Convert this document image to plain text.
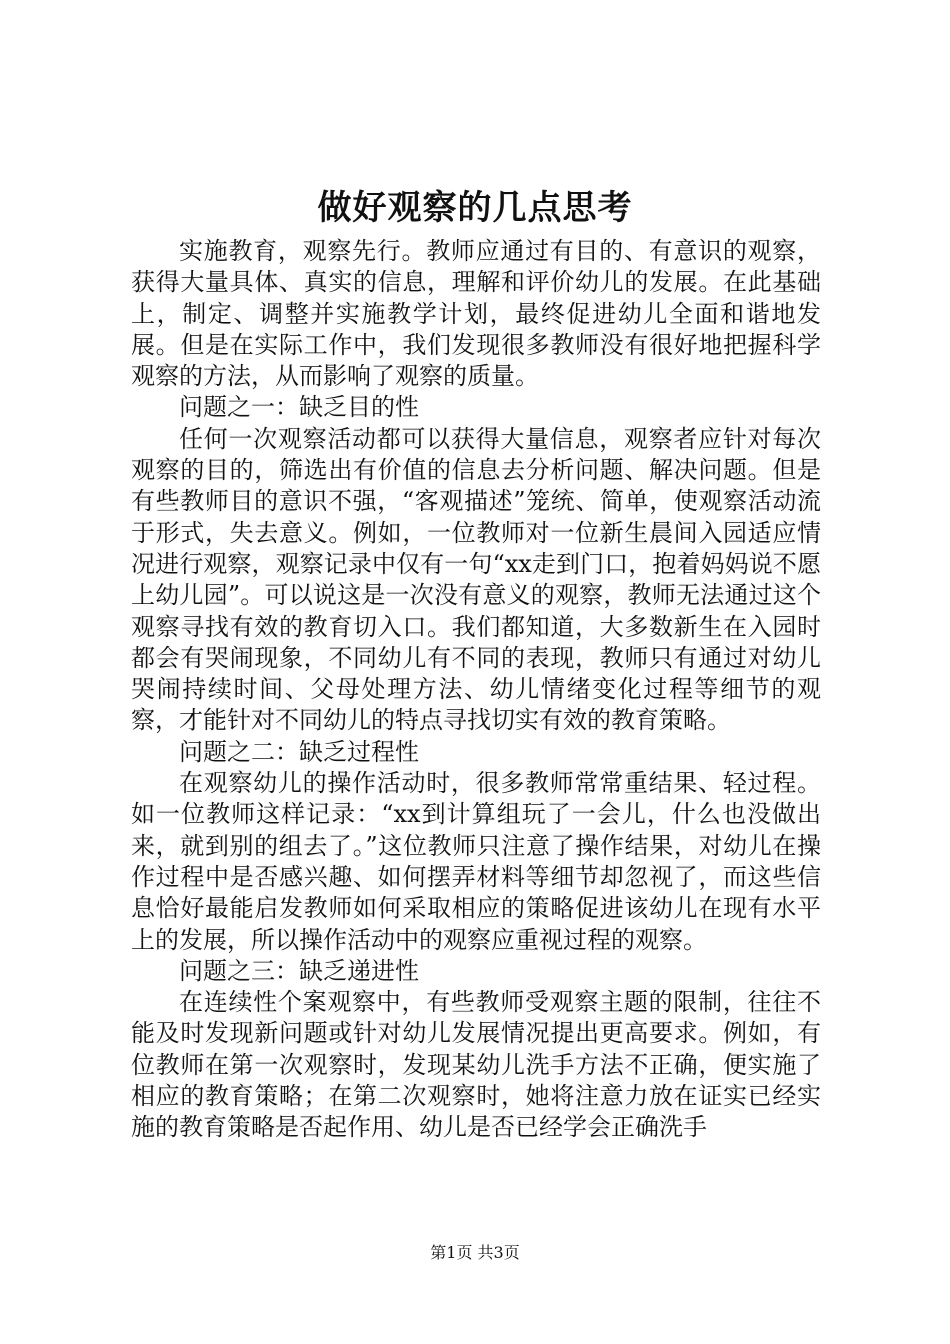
做好观察的几点思考

实施教育，观察先行。教师应通过有目的、有意识的观察，获得大量具体、真实的信息，理解和评价幼儿的发展。在此基础上，制定、调整并实施教学计划，最终促进幼儿全面和谐地发展。但是在实际工作中，我们发现很多教师没有很好地把握科学观察的方法，从而影响了观察的质量。

问题之一：缺乏目的性

任何一次观察活动都可以获得大量信息，观察者应针对每次观察的目的，筛选出有价值的信息去分析问题、解决问题。但是有些教师目的意识不强，“客观描述”笼统、简单，使观察活动流于形式，失去意义。例如，一位教师对一位新生晨间入园适应情况进行观察，观察记录中仅有一句“xx走到门口，抱着妈妈说不愿上幼儿园”。可以说这是一次没有意义的观察，教师无法通过这个观察寻找有效的教育切入口。我们都知道，大多数新生在入园时都会有哭闹现象，不同幼儿有不同的表现，教师只有通过对幼儿哭闹持续时间、父母处理方法、幼儿情绪变化过程等细节的观察，才能针对不同幼儿的特点寻找切实有效的教育策略。

问题之二：缺乏过程性

在观察幼儿的操作活动时，很多教师常常重结果、轻过程。如一位教师这样记录：“xx到计算组玩了一会儿，什么也没做出来，就到别的组去了。”这位教师只注意了操作结果，对幼儿在操作过程中是否感兴趣、如何摆弄材料等细节却忽视了，而这些信息恰好最能启发教师如何采取相应的策略促进该幼儿在现有水平上的发展，所以操作活动中的观察应重视过程的观察。

问题之三：缺乏递进性

在连续性个案观察中，有些教师受观察主题的限制，往往不能及时发现新问题或针对幼儿发展情况提出更高要求。例如，有位教师在第一次观察时，发现某幼儿洗手方法不正确，便实施了相应的教育策略；在第二次观察时，她将注意力放在证实已经实施的教育策略是否起作用、幼儿是否已经学会正确洗手

第1页 共3页
